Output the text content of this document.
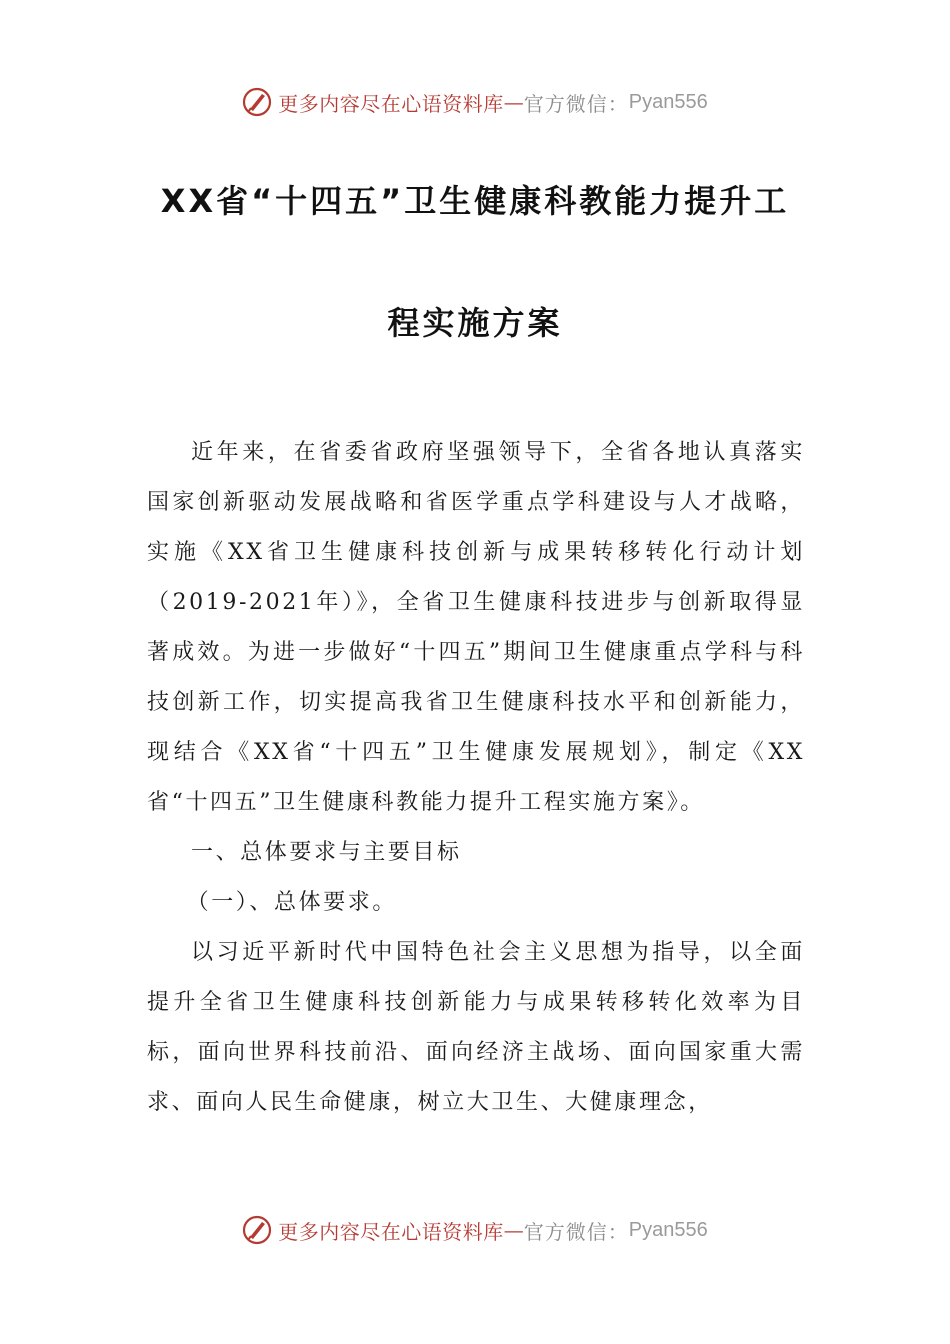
更多内容尽在心语资料库 — 官方微信： Pyan556
XX省“十四五”卫生健康科教能力提升工
程实施方案

近年来，在省委省政府坚强领导下，全省各地认真落实国家创新驱动发展战略和省医学重点学科建设与人才战略，实施《XX省卫生健康科技创新与成果转移转化行动计划（2019-2021年）》，全省卫生健康科技进步与创新取得显著成效。为进一步做好“十四五”期间卫生健康重点学科与科技创新工作，切实提高我省卫生健康科技水平和创新能力，现结合《XX省“十四五”卫生健康发展规划》，制定《XX省“十四五”卫生健康科教能力提升工程实施方案》。

一、总体要求与主要目标

（一）、总体要求。

以习近平新时代中国特色社会主义思想为指导，以全面提升全省卫生健康科技创新能力与成果转移转化效率为目标，面向世界科技前沿、面向经济主战场、面向国家重大需求、面向人民生命健康，树立大卫生、大健康理念，

更多内容尽在心语资料库 — 官方微信： Pyan556
